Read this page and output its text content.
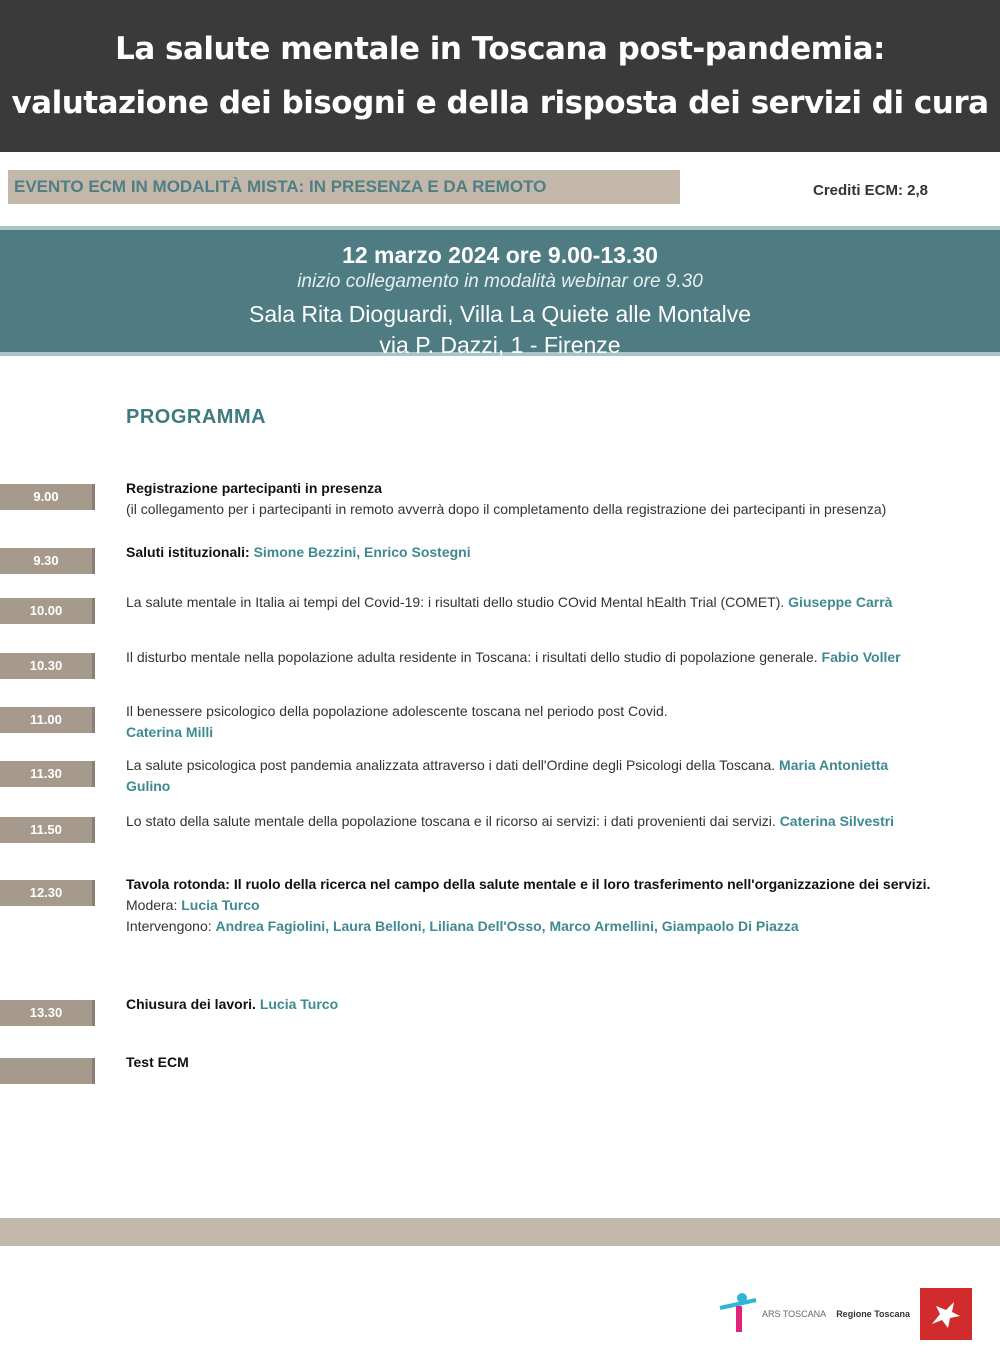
La salute mentale in Toscana post-pandemia:
valutazione dei bisogni e della risposta dei servizi di cura
EVENTO ECM IN MODALITÀ MISTA: IN PRESENZA E DA REMOTO	Crediti ECM: 2,8
12 marzo 2024 ore 9.00-13.30
inizio collegamento in modalità webinar ore 9.30
Sala Rita Dioguardi, Villa La Quiete alle Montalve
via P. Dazzi, 1 - Firenze
PROGRAMMA
9.00
Registrazione partecipanti in presenza
(il collegamento per i partecipanti in remoto avverrà dopo il completamento della registrazione dei partecipanti in presenza)
9.30
Saluti istituzionali: Simone Bezzini, Enrico Sostegni
10.00
La salute mentale in Italia ai tempi del Covid-19: i risultati dello studio COvid Mental hEalth Trial (COMET). Giuseppe Carrà
10.30
Il disturbo mentale nella popolazione adulta residente in Toscana: i risultati dello studio di popolazione generale. Fabio Voller
11.00
Il benessere psicologico della popolazione adolescente toscana nel periodo post Covid.
Caterina Milli
11.30
La salute psicologica post pandemia analizzata attraverso i dati dell'Ordine degli Psicologi della Toscana. Maria Antonietta Gulino
11.50
Lo stato della salute mentale della popolazione toscana e il ricorso ai servizi: i dati provenienti dai servizi. Caterina Silvestri
12.30
Tavola rotonda: Il ruolo della ricerca nel campo della salute mentale e il loro trasferimento nell'organizzazione dei servizi.
Modera: Lucia Turco
Intervengono: Andrea Fagiolini, Laura Belloni, Liliana Dell'Osso, Marco Armellini, Giampaolo Di Piazza
13.30
Chiusura dei lavori. Lucia Turco
Test ECM
ARS TOSCANA Regione Toscana
